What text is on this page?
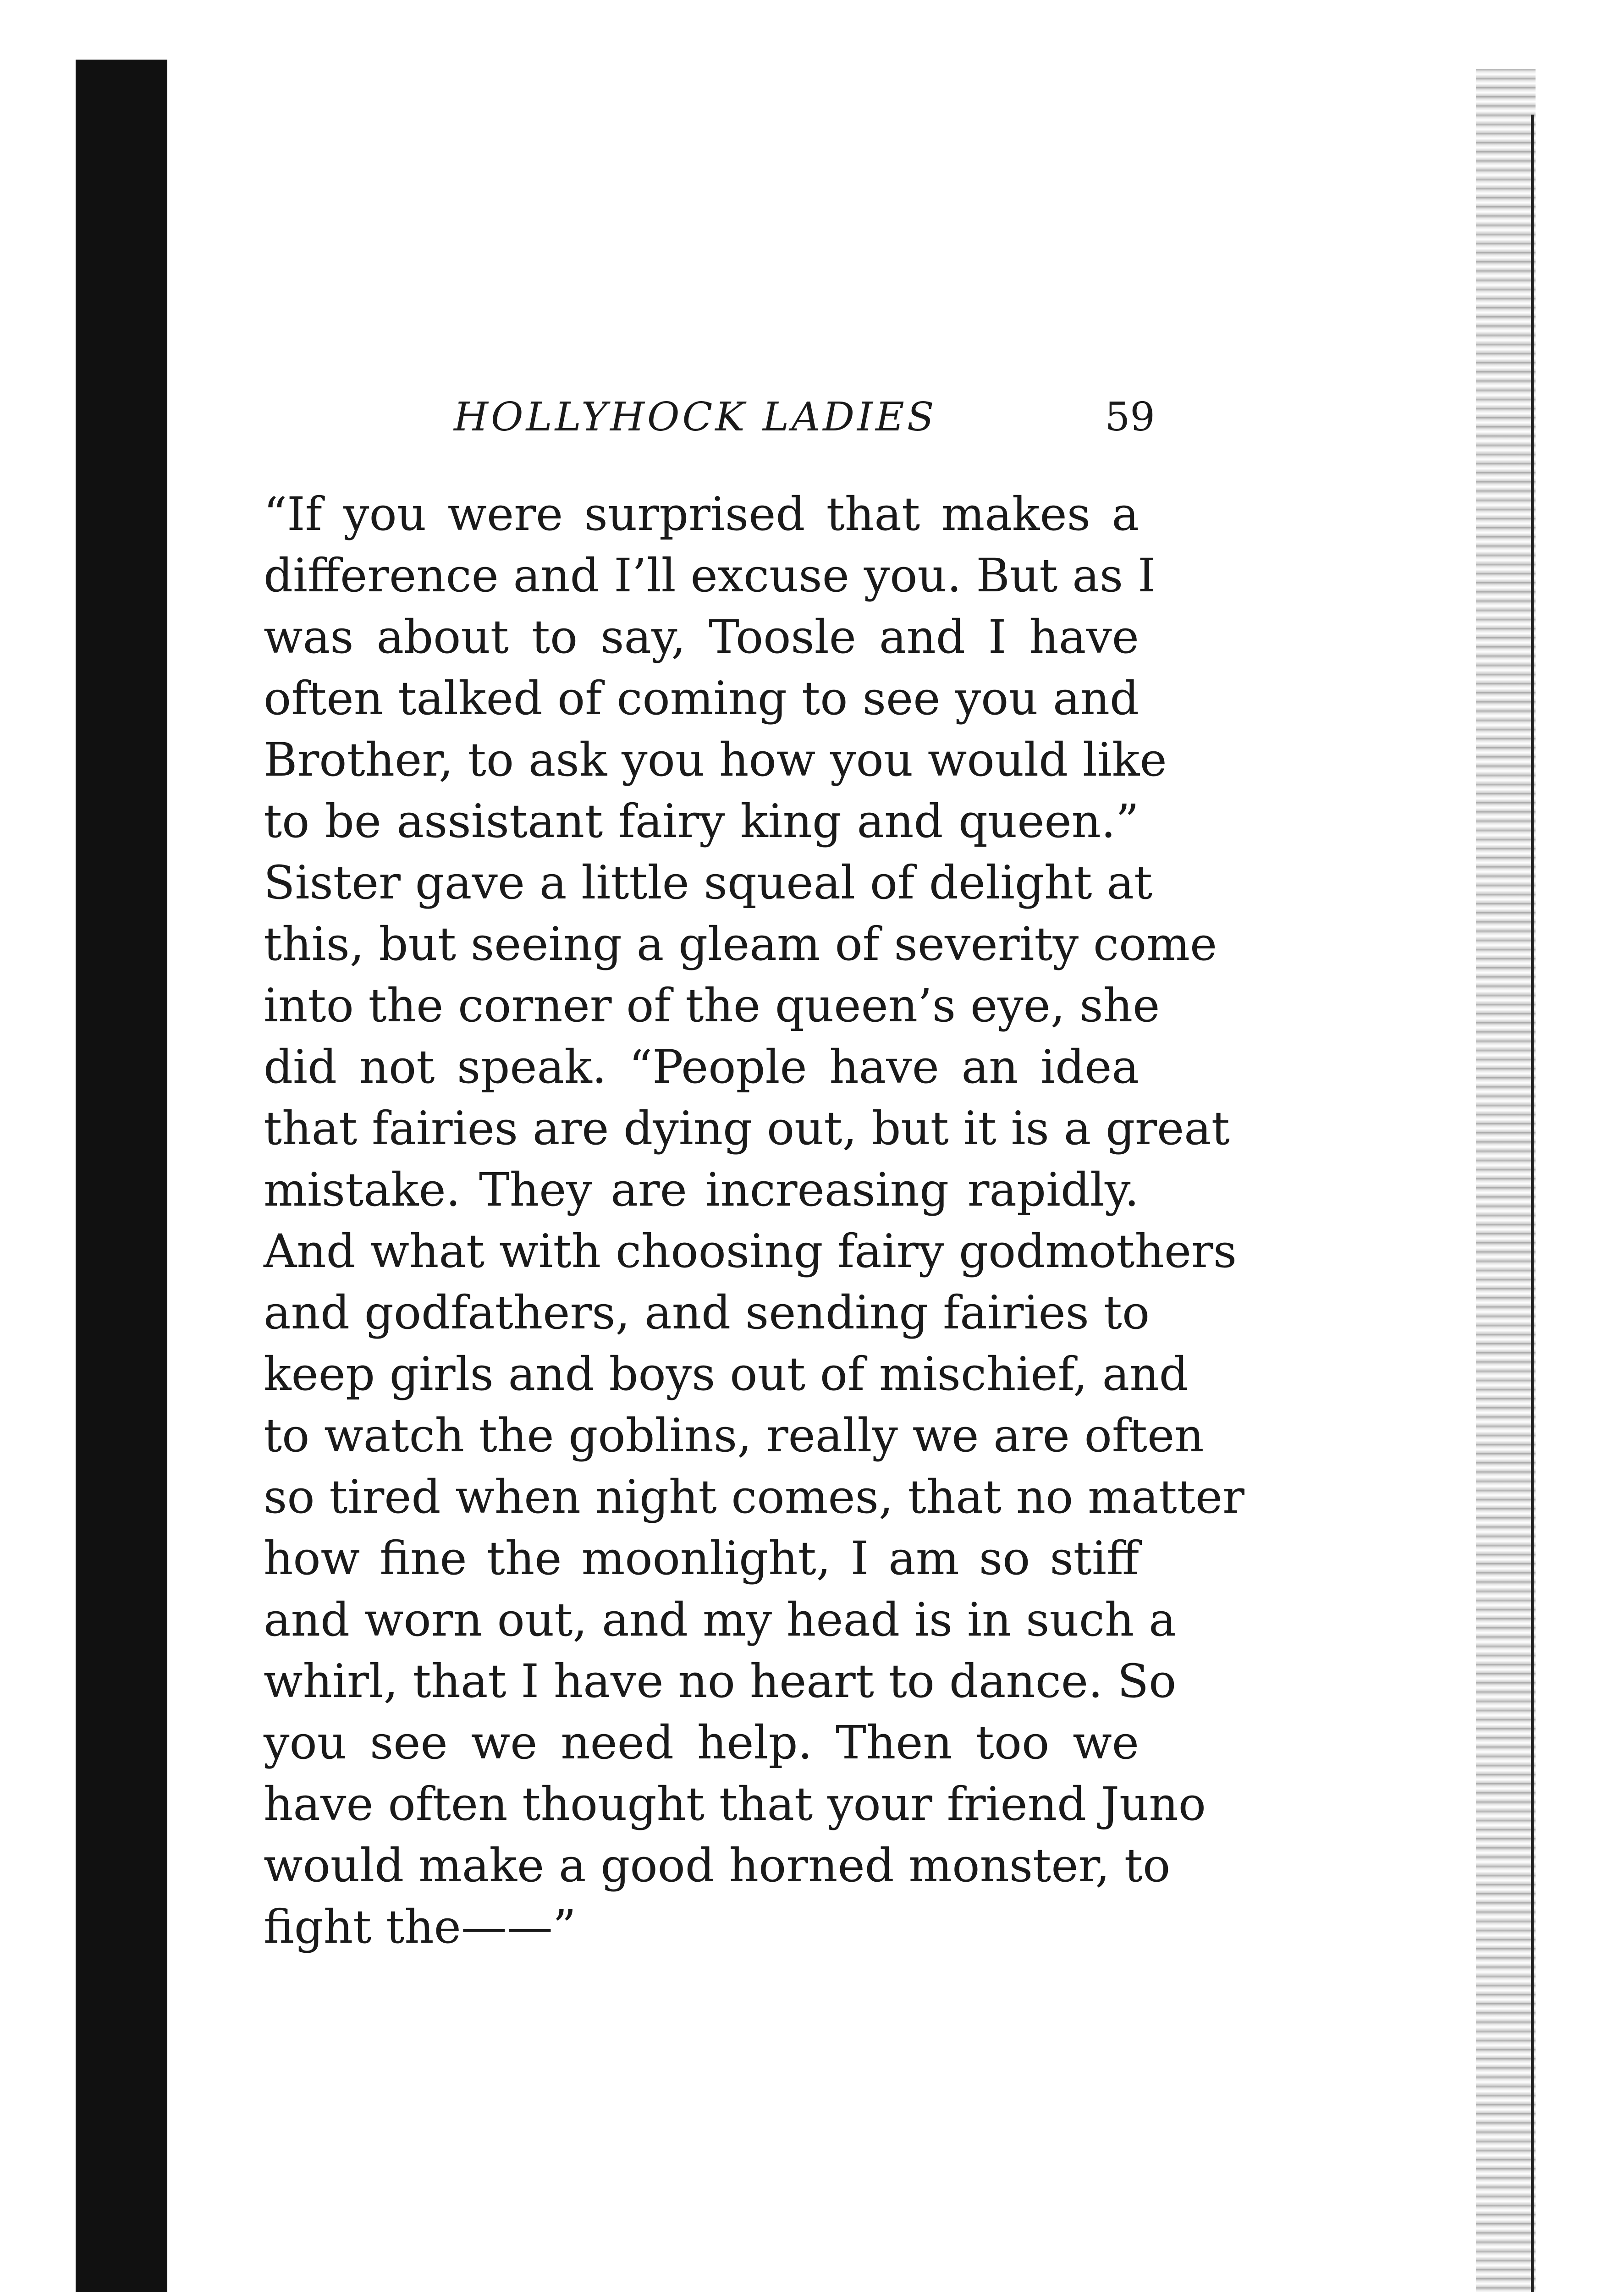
HOLLYHOCK LADIES	59
“If you were surprised that makes a
difference and I’ll excuse you. But as I
was about to say, Toosle and I have
often talked of coming to see you and
Brother, to ask you how you would like
to be assistant fairy king and queen.”
Sister gave a little squeal of delight at
this, but seeing a gleam of severity come
into the corner of the queen’s eye, she
did not speak. “People have an idea
that fairies are dying out, but it is a great
mistake. They are increasing rapidly.
And what with choosing fairy godmothers
and godfathers, and sending fairies to
keep girls and boys out of mischief, and
to watch the goblins, really we are often
so tired when night comes, that no matter
how fine the moonlight, I am so stiff
and worn out, and my head is in such a
whirl, that I have no heart to dance. So
you see we need help. Then too we
have often thought that your friend Juno
would make a good horned monster, to
fight the——”
